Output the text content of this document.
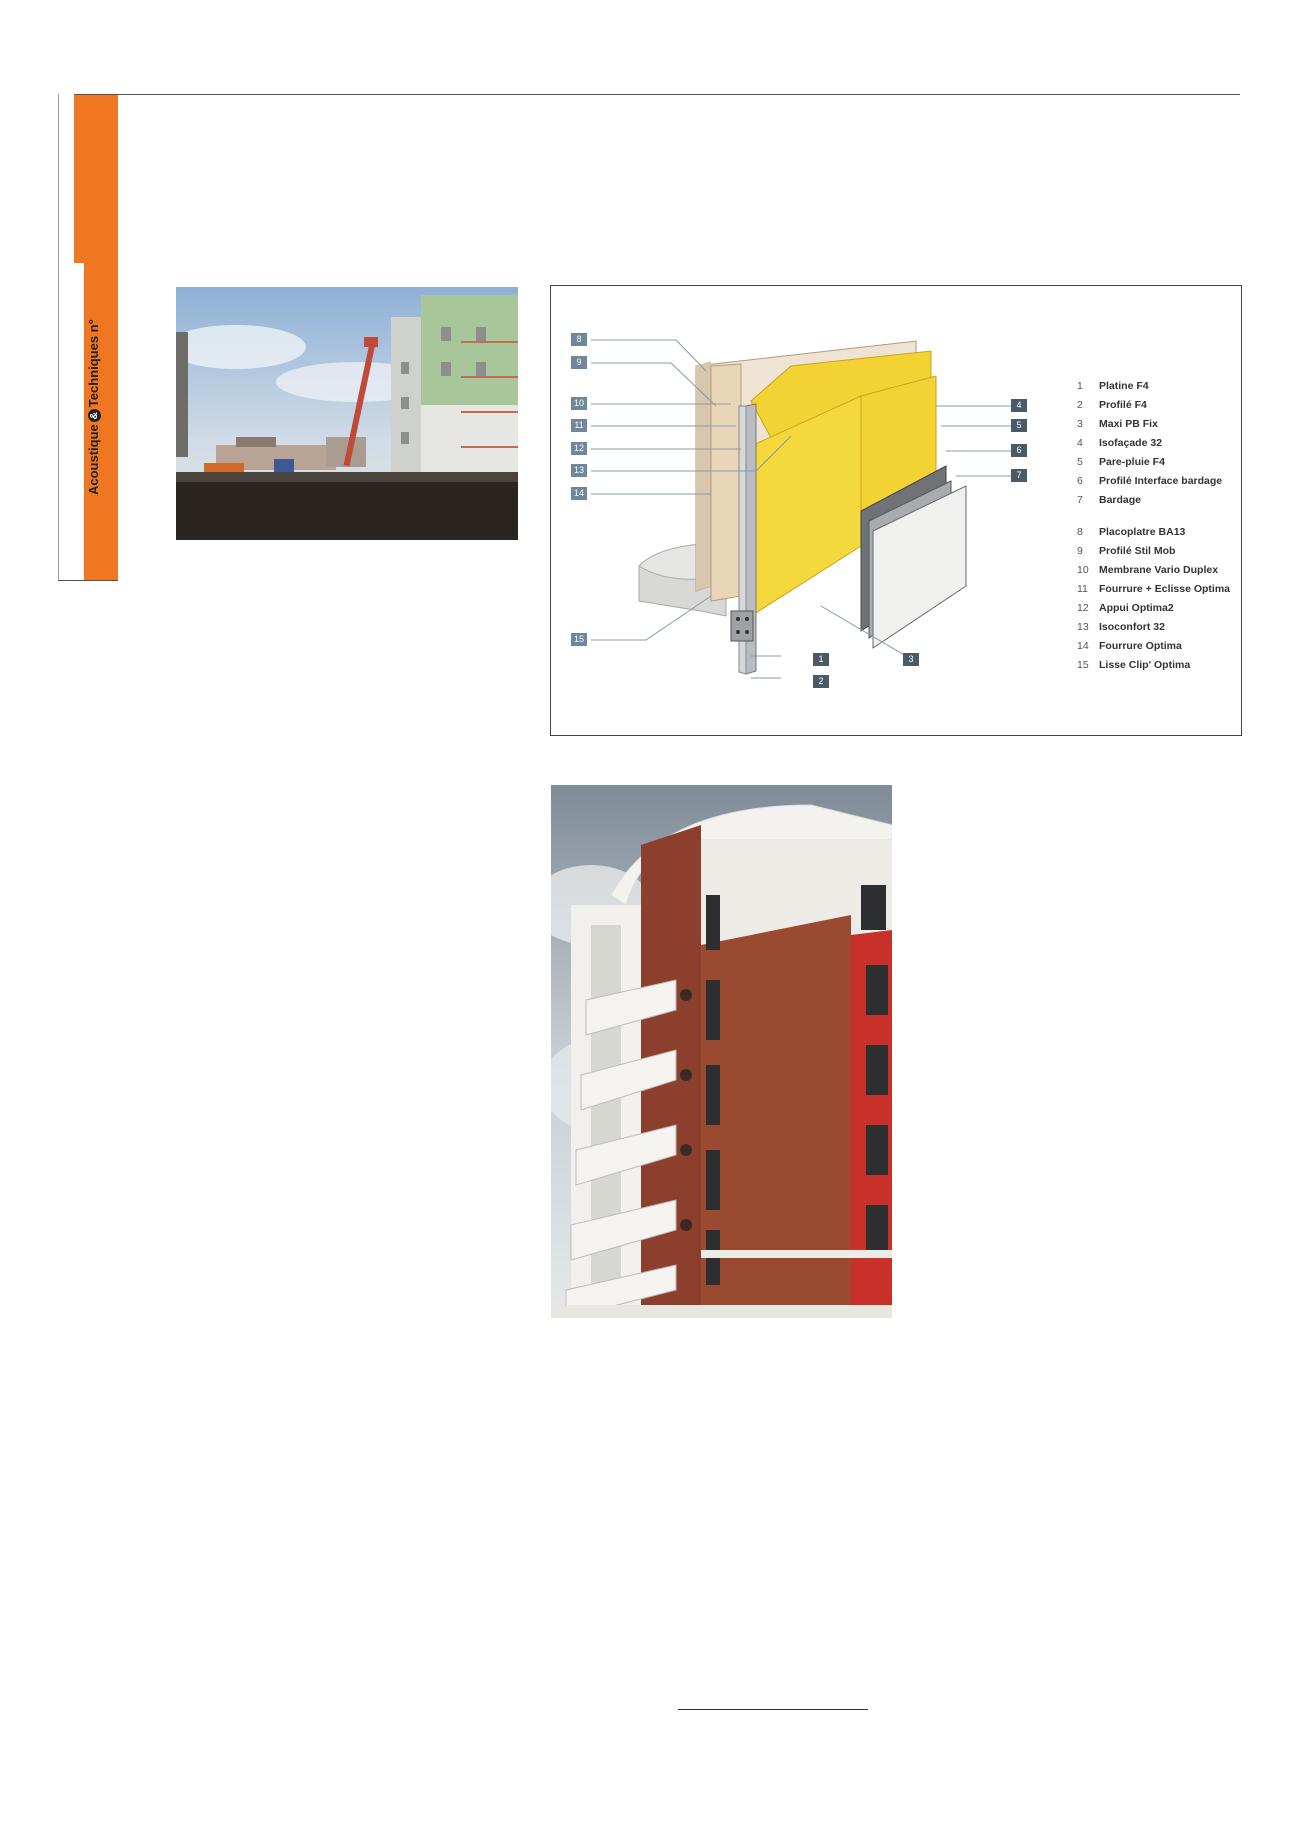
Acoustique&Techniques n°
Actualités
8
9
10
11
12
13
14
15
4
5
6
7
1
2
3
1 Platine F4
2 Profilé F4
3 Maxi PB Fix
4 Isofaçade 32
5 Pare-pluie F4
6 Profilé Interface bardage
7 Bardage
8 Placoplatre BA13
9 Profilé Stil Mob
10 Membrane Vario Duplex
11 Fourrure + Eclisse Optima
12 Appui Optima2
13 Isoconfort 32
14 Fourrure Optima
15 Lisse Clip' Optima
